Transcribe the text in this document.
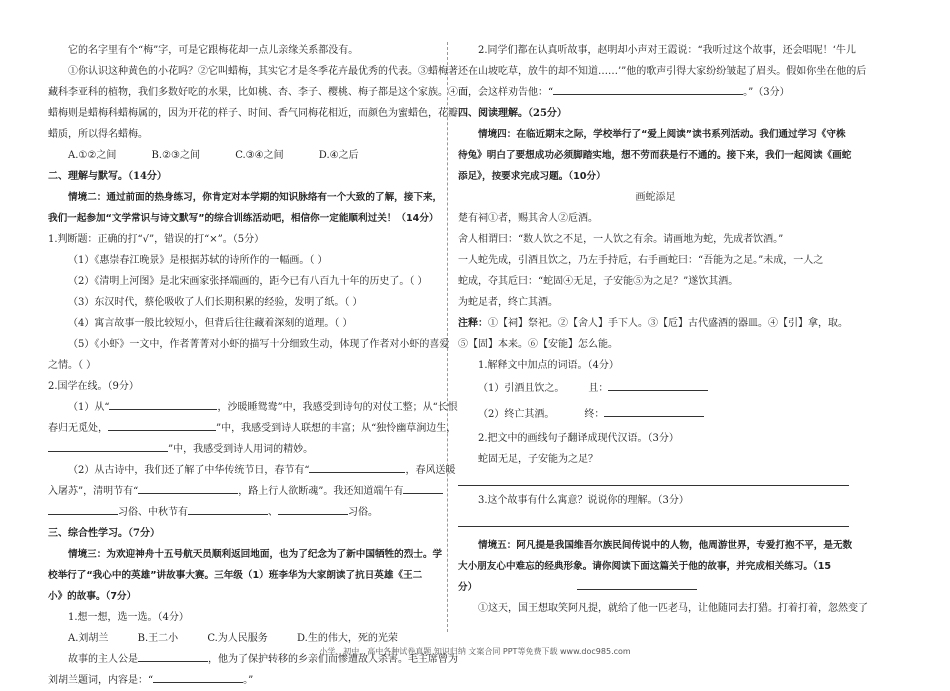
它的名字里有个“梅”字，可是它跟梅花却一点儿亲缘关系都没有。

①你认识这种黄色的小花吗？②它叫蜡梅，其实它才是冬季花卉最优秀的代表。③蜡梅著

藏科李亚科的植物，我们多数好吃的水果，比如桃、杏、李子、樱桃、梅子都是这个家族。④而

蜡梅则是蜡梅科蜡梅属的，因为开花的样子、时间、香气同梅花相近，而颜色为蜜蜡色，花瓣

蜡质，所以得名蜡梅。

A.①②之间	B.②③之间	C.③④之间	D.④之后

二、理解与默写。（14分）

情境二：通过前面的热身练习，你肯定对本学期的知识脉络有一个大致的了解，接下来，

我们一起参加“文学常识与诗文默写”的综合训练活动吧，相信你一定能顺利过关！（14分）

1.判断题：正确的打“√”，错误的打“×”。（5分）

（1）《惠崇春江晚景》是根据苏轼的诗所作的一幅画。（ ）

（2）《清明上河图》是北宋画家张择端画的，距今已有八百九十年的历史了。（ ）

（3）东汉时代，蔡伦吸收了人们长期积累的经验，发明了纸。（ ）

（4）寓言故事一般比较短小，但背后往往藏着深刻的道理。（ ）

（5）《小虾》一文中，作者菁菁对小虾的描写十分细致生动，体现了作者对小虾的喜爱

之情。（ ）

2.国学在线。（9分）

（1）从“	，沙暖睡鸳鸯”中，我感受到诗句的对仗工整；从“长恨

春归无觅处，	”中，我感受到诗人联想的丰富；从“独怜幽草涧边生，

”中，我感受到诗人用词的精妙。

（2）从古诗中，我们还了解了中华传统节日，春节有“	，春风送暖

入屠苏”，清明节有“	，路上行人欲断魂”。我还知道端午有

习俗、中秋节有	、	习俗。

三、综合性学习。（7分）

情境三：为欢迎神舟十五号航天员顺利返回地面，也为了纪念为了新中国牺牲的烈士。学

校举行了“我心中的英雄”讲故事大赛。三年级（1）班李华为大家朗读了抗日英雄《王二

小》的故事。（7分）

1.想一想，选一选。（4分）

A.刘胡兰	B.王二小	C.为人民服务	D.生的伟大，死的光荣

故事的主人公是	，他为了保护转移的乡亲们而惨遭敌人杀害。毛主席曾为

刘胡兰题词，内容是：“	。”

2.同学们都在认真听故事，赵明却小声对王霞说：“我听过这个故事，还会唱呢！‘牛儿

还在山坡吃草，放牛的却不知道……’”他的歌声引得大家纷纷皱起了眉头。假如你坐在他的后

面，会这样劝告他：“	。”（3分）

四、阅读理解。（25分）

情境四：在临近期末之际，学校举行了“爱上阅读”读书系列活动。我们通过学习《守株

待兔》明白了要想成功必须脚踏实地，想不劳而获是行不通的。接下来，我们一起阅读《画蛇

添足》，按要求完成习题。（10分）

画蛇添足

楚有祠①者，赐其舍人②卮酒。

舍人相谓曰：“数人饮之不足，一人饮之有余。请画地为蛇，先成者饮酒。”

一人蛇先成，引酒且饮之，乃左手持卮，右手画蛇曰：“吾能为之足。”未成，一人之

蛇成，夺其卮曰：“蛇固④无足，子安能⑤为之足？”遂饮其酒。

为蛇足者，终亡其酒。

注释：①【祠】祭祀。②【舍人】手下人。③【卮】古代盛酒的器皿。④【引】拿，取。

⑤【固】本来。⑥【安能】怎么能。

1.解释文中加点的词语。（4分）

（1）引酒且饮之。 且：

（2）终亡其酒。	终：

2.把文中的画线句子翻译成现代汉语。（3分）

蛇固无足，子安能为之足？

3.这个故事有什么寓意？说说你的理解。（3分）

情境五：阿凡提是我国维吾尔族民间传说中的人物，他周游世界，专爱打抱不平，是无数

大小朋友心中难忘的经典形象。请你阅读下面这篇关于他的故事，并完成相关练习。（15

分）

①这天，国王想取笑阿凡提，就给了他一匹老马，让他随同去打猎。打着打着，忽然变了

小学、初中、高中各种试卷真题 知识归纳 文案合同 PPT等免费下载 www.doc985.com
